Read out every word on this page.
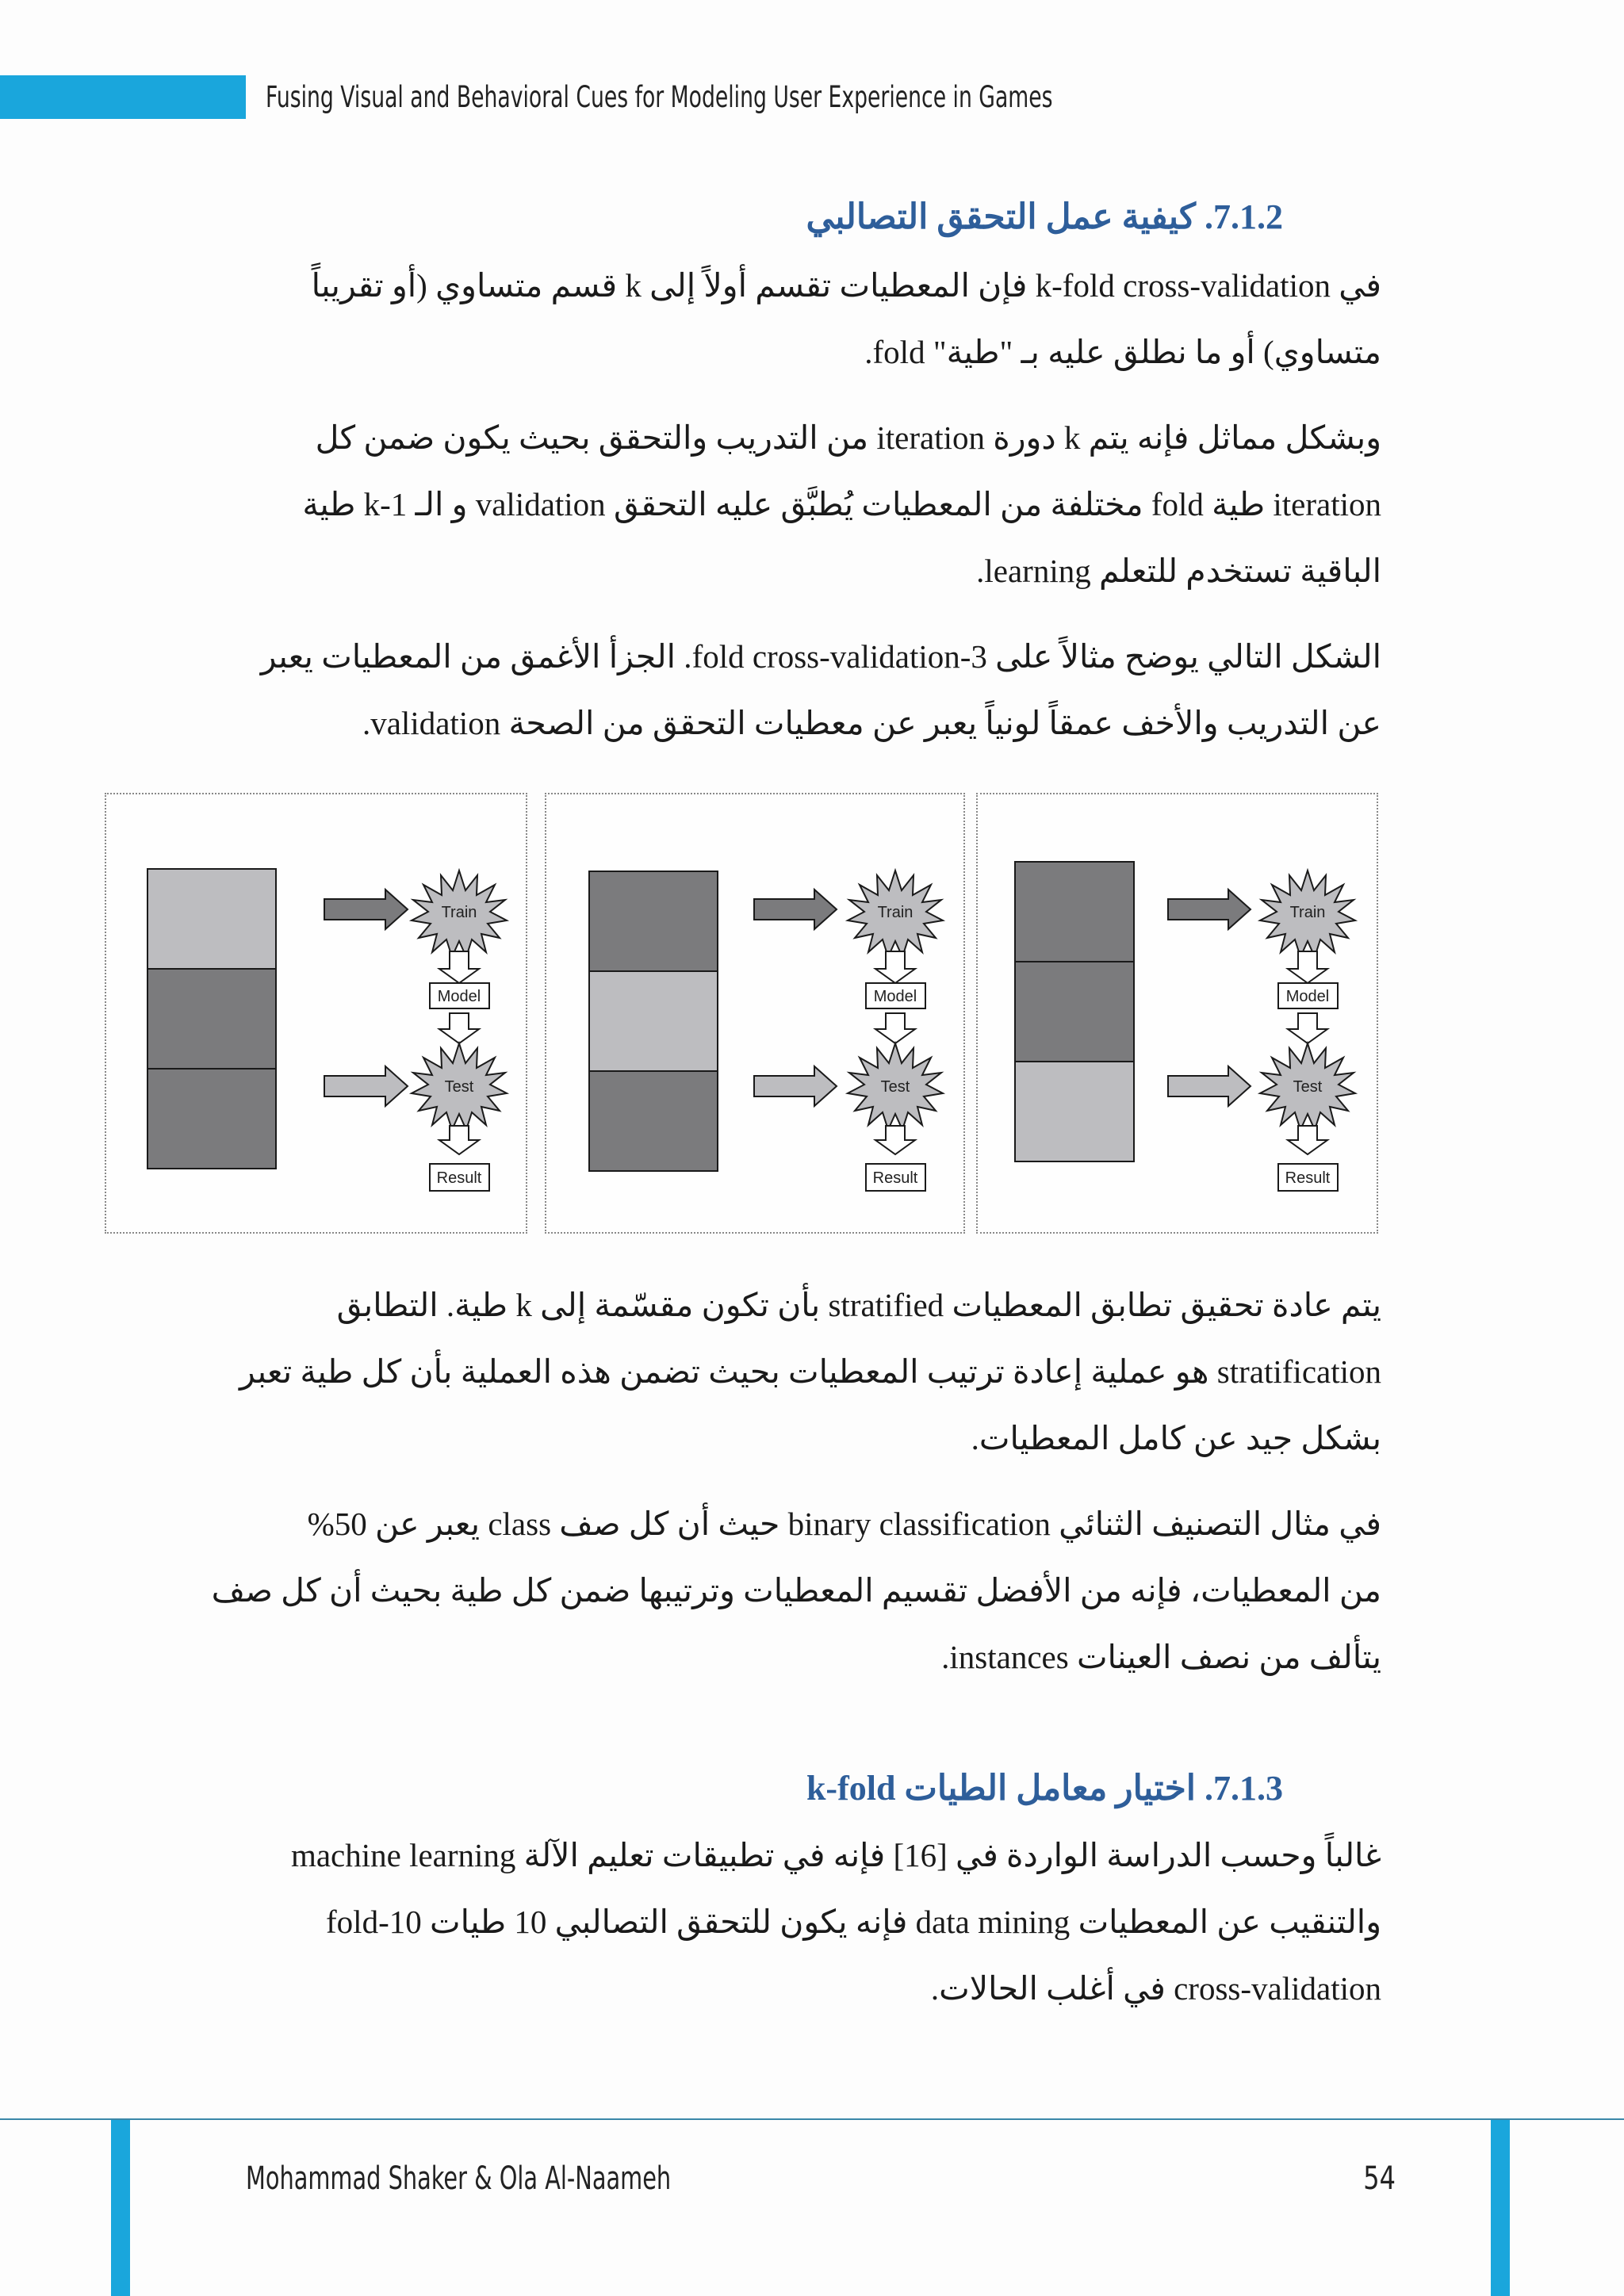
Fusing Visual and Behavioral Cues for Modeling User Experience in Games
7.1.2. كيفية عمل التحقق التصالبي
في k-fold cross-validation فإن المعطيات تقسم أولاً إلى k قسم متساوي (أو تقريباً
متساوي) أو ما نطلق عليه بـ "طية" fold.
وبشكل مماثل فإنه يتم k دورة iteration من التدريب والتحقق بحيث يكون ضمن كل
iteration طية fold مختلفة من المعطيات يُطبَّق عليه التحقق validation و الـ k-1 طية
الباقية تستخدم للتعلم learning.
الشكل التالي يوضح مثالاً على 3-fold cross-validation. الجزأ الأغمق من المعطيات يعبر
عن التدريب والأخف عمقاً لونياً يعبر عن معطيات التحقق من الصحة validation.
Train
Model
Test
Result
Train
Model
Test
Result
Train
Model
Test
Result
يتم عادة تحقيق تطابق المعطيات stratified بأن تكون مقسّمة إلى k طية. التطابق
stratification هو عملية إعادة ترتيب المعطيات بحيث تضمن هذه العملية بأن كل طية تعبر
بشكل جيد عن كامل المعطيات.
في مثال التصنيف الثنائي binary classification حيث أن كل صف class يعبر عن 50%
من المعطيات، فإنه من الأفضل تقسيم المعطيات وترتيبها ضمن كل طية بحيث أن كل صف
يتألف من نصف العينات instances.
7.1.3. اختيار معامل الطيات k-fold
غالباً وحسب الدراسة الواردة في [16] فإنه في تطبيقات تعليم الآلة machine learning
والتنقيب عن المعطيات data mining فإنه يكون للتحقق التصالبي 10 طيات 10-fold
cross-validation في أغلب الحالات.
Mohammad Shaker & Ola Al-Naameh	54
